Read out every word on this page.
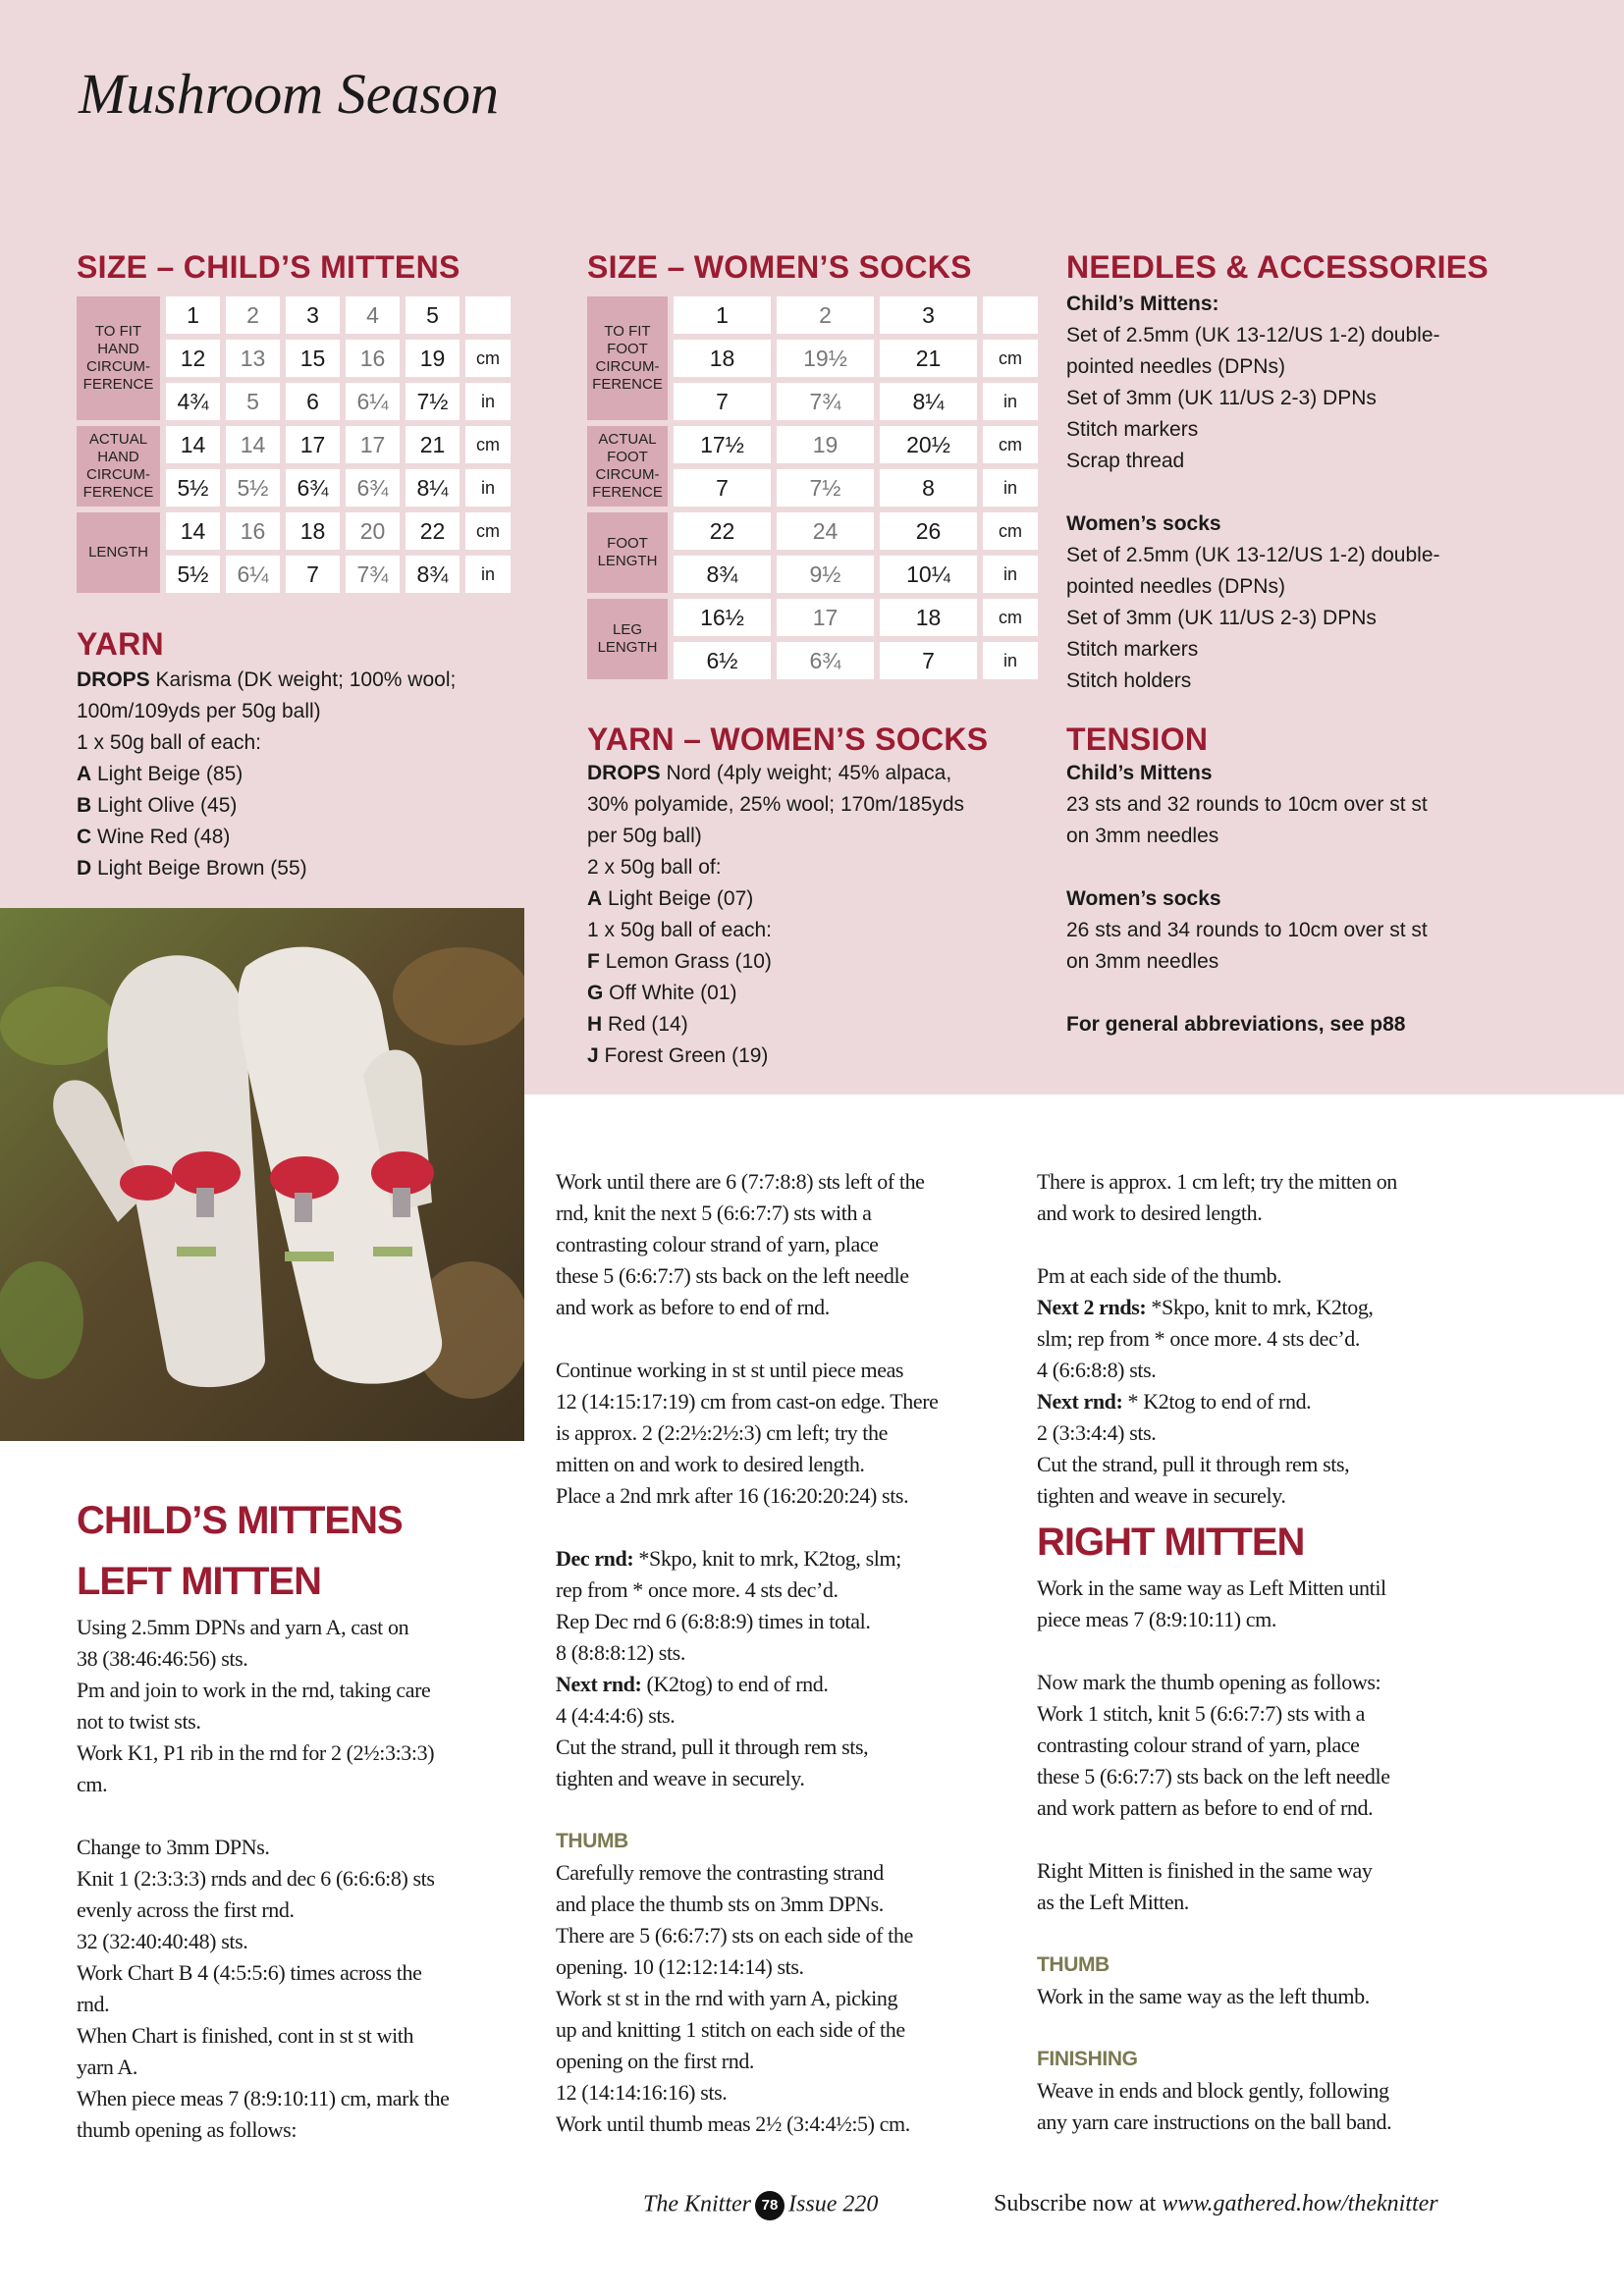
Mushroom Season
SIZE – CHILD’S MITTENS
TO FIT HAND CIRCUM- FERENCE
1	2	3	4	5
12	13	15	16	19	cm
4¾	5	6	6¼	7½	in
ACTUAL HAND CIRCUM- FERENCE
14	14	17	17	21	cm
5½	5½	6¾	6¾	8¼	in
LENGTH
14	16	18	20	22	cm
5½	6¼	7	7¾	8¾	in
SIZE – WOMEN’S SOCKS
TO FIT FOOT CIRCUM- FERENCE
1	2	3
18	19½	21	cm
7	7¾	8¼	in
ACTUAL FOOT CIRCUM- FERENCE
17½	19	20½	cm
7	7½	8	in
FOOT LENGTH
22	24	26	cm
8¾	9½	10¼	in
LEG LENGTH
16½	17	18	cm
6½	6¾	7	in
NEEDLES & ACCESSORIES
Child’s Mittens:
Set of 2.5mm (UK 13-12/US 1-2) double-
pointed needles (DPNs)
Set of 3mm (UK 11/US 2-3) DPNs
Stitch markers
Scrap thread
Women’s socks
Set of 2.5mm (UK 13-12/US 1-2) double-
pointed needles (DPNs)
Set of 3mm (UK 11/US 2-3) DPNs
Stitch markers
Stitch holders
YARN
DROPS Karisma (DK weight; 100% wool;
100m/109yds per 50g ball)
1 x 50g ball of each:
A Light Beige (85)
B Light Olive (45)
C Wine Red (48)
D Light Beige Brown (55)
YARN – WOMEN’S SOCKS
DROPS Nord (4ply weight; 45% alpaca,
30% polyamide, 25% wool; 170m/185yds
per 50g ball)
2 x 50g ball of:
A Light Beige (07)
1 x 50g ball of each:
F Lemon Grass (10)
G Off White (01)
H Red (14)
J Forest Green (19)
TENSION
Child’s Mittens
23 sts and 32 rounds to 10cm over st st
on 3mm needles
Women’s socks
26 sts and 34 rounds to 10cm over st st
on 3mm needles
For general abbreviations, see p88
CHILD’S MITTENS
LEFT MITTEN
Using 2.5mm DPNs and yarn A, cast on
38 (38:46:46:56) sts.
Pm and join to work in the rnd, taking care
not to twist sts.
Work K1, P1 rib in the rnd for 2 (2½:3:3:3)
cm.
Change to 3mm DPNs.
Knit 1 (2:3:3:3) rnds and dec 6 (6:6:6:8) sts
evenly across the first rnd.
32 (32:40:40:48) sts.
Work Chart B 4 (4:5:5:6) times across the
rnd.
When Chart is finished, cont in st st with
yarn A.
When piece meas 7 (8:9:10:11) cm, mark the
thumb opening as follows:
Work until there are 6 (7:7:8:8) sts left of the
rnd, knit the next 5 (6:6:7:7) sts with a
contrasting colour strand of yarn, place
these 5 (6:6:7:7) sts back on the left needle
and work as before to end of rnd.
Continue working in st st until piece meas
12 (14:15:17:19) cm from cast-on edge. There
is approx. 2 (2:2½:2½:3) cm left; try the
mitten on and work to desired length.
Place a 2nd mrk after 16 (16:20:20:24) sts.
Dec rnd: *Skpo, knit to mrk, K2tog, slm;
rep from * once more. 4 sts dec’d.
Rep Dec rnd 6 (6:8:8:9) times in total.
8 (8:8:8:12) sts.
Next rnd: (K2tog) to end of rnd.
4 (4:4:4:6) sts.
Cut the strand, pull it through rem sts,
tighten and weave in securely.
THUMB
Carefully remove the contrasting strand
and place the thumb sts on 3mm DPNs.
There are 5 (6:6:7:7) sts on each side of the
opening. 10 (12:12:14:14) sts.
Work st st in the rnd with yarn A, picking
up and knitting 1 stitch on each side of the
opening on the first rnd.
12 (14:14:16:16) sts.
Work until thumb meas 2½ (3:4:4½:5) cm.
There is approx. 1 cm left; try the mitten on
and work to desired length.
Pm at each side of the thumb.
Next 2 rnds: *Skpo, knit to mrk, K2tog,
slm; rep from * once more. 4 sts dec’d.
4 (6:6:8:8) sts.
Next rnd: * K2tog to end of rnd.
2 (3:3:4:4) sts.
Cut the strand, pull it through rem sts,
tighten and weave in securely.
RIGHT MITTEN
Work in the same way as Left Mitten until
piece meas 7 (8:9:10:11) cm.
Now mark the thumb opening as follows:
Work 1 stitch, knit 5 (6:6:7:7) sts with a
contrasting colour strand of yarn, place
these 5 (6:6:7:7) sts back on the left needle
and work pattern as before to end of rnd.
Right Mitten is finished in the same way
as the Left Mitten.
THUMB
Work in the same way as the left thumb.
FINISHING
Weave in ends and block gently, following
any yarn care instructions on the ball band.
The Knitter 78 Issue 220	Subscribe now at www.gathered.how/theknitter
